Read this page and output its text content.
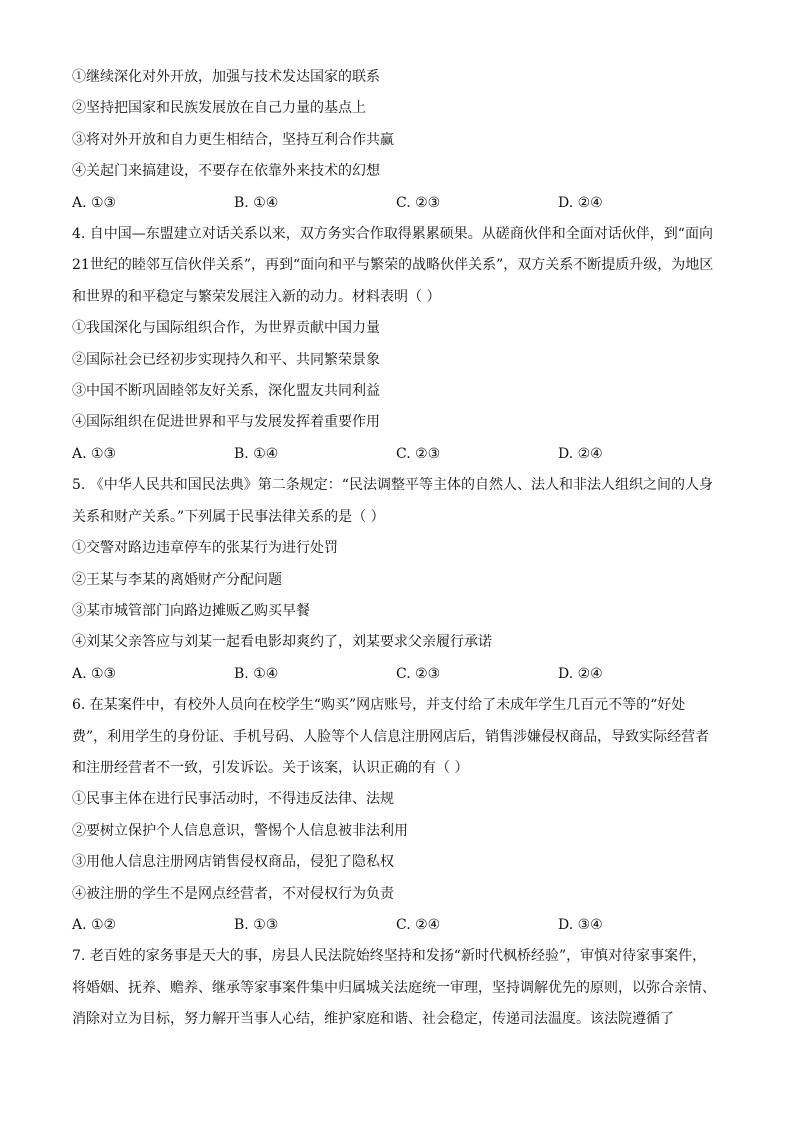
①继续深化对外开放，加强与技术发达国家的联系
②坚持把国家和民族发展放在自己力量的基点上
③将对外开放和自力更生相结合，坚持互利合作共赢
④关起门来搞建设，不要存在依靠外来技术的幻想
A. ①③	B. ①④	C. ②③	D. ②④
4. 自中国—东盟建立对话关系以来，双方务实合作取得累累硕果。从磋商伙伴和全面对话伙伴，到“面向
21世纪的睦邻互信伙伴关系”，再到“面向和平与繁荣的战略伙伴关系”，双方关系不断提质升级，为地区
和世界的和平稳定与繁荣发展注入新的动力。材料表明（ ）
①我国深化与国际组织合作，为世界贡献中国力量
②国际社会已经初步实现持久和平、共同繁荣景象
③中国不断巩固睦邻友好关系，深化盟友共同利益
④国际组织在促进世界和平与发展发挥着重要作用
A. ①③	B. ①④	C. ②③	D. ②④
5. 《中华人民共和国民法典》第二条规定：“民法调整平等主体的自然人、法人和非法人组织之间的人身
关系和财产关系。”下列属于民事法律关系的是（ ）
①交警对路边违章停车的张某行为进行处罚
②王某与李某的离婚财产分配问题
③某市城管部门向路边摊贩乙购买早餐
④刘某父亲答应与刘某一起看电影却爽约了，刘某要求父亲履行承诺
A. ①③	B. ①④	C. ②③	D. ②④
6. 在某案件中，有校外人员向在校学生“购买”网店账号，并支付给了未成年学生几百元不等的“好处
费”，利用学生的身份证、手机号码、人脸等个人信息注册网店后，销售涉嫌侵权商品，导致实际经营者
和注册经营者不一致，引发诉讼。关于该案，认识正确的有（ ）
①民事主体在进行民事活动时，不得违反法律、法规
②要树立保护个人信息意识，警惕个人信息被非法利用
③用他人信息注册网店销售侵权商品，侵犯了隐私权
④被注册的学生不是网点经营者，不对侵权行为负责
A. ①②	B. ①③	C. ②④	D. ③④
7. 老百姓的家务事是天大的事，房县人民法院始终坚持和发扬“新时代枫桥经验”，审慎对待家事案件，
将婚姻、抚养、赡养、继承等家事案件集中归属城关法庭统一审理，坚持调解优先的原则，以弥合亲情、
消除对立为目标，努力解开当事人心结，维护家庭和谐、社会稳定，传递司法温度。该法院遵循了
